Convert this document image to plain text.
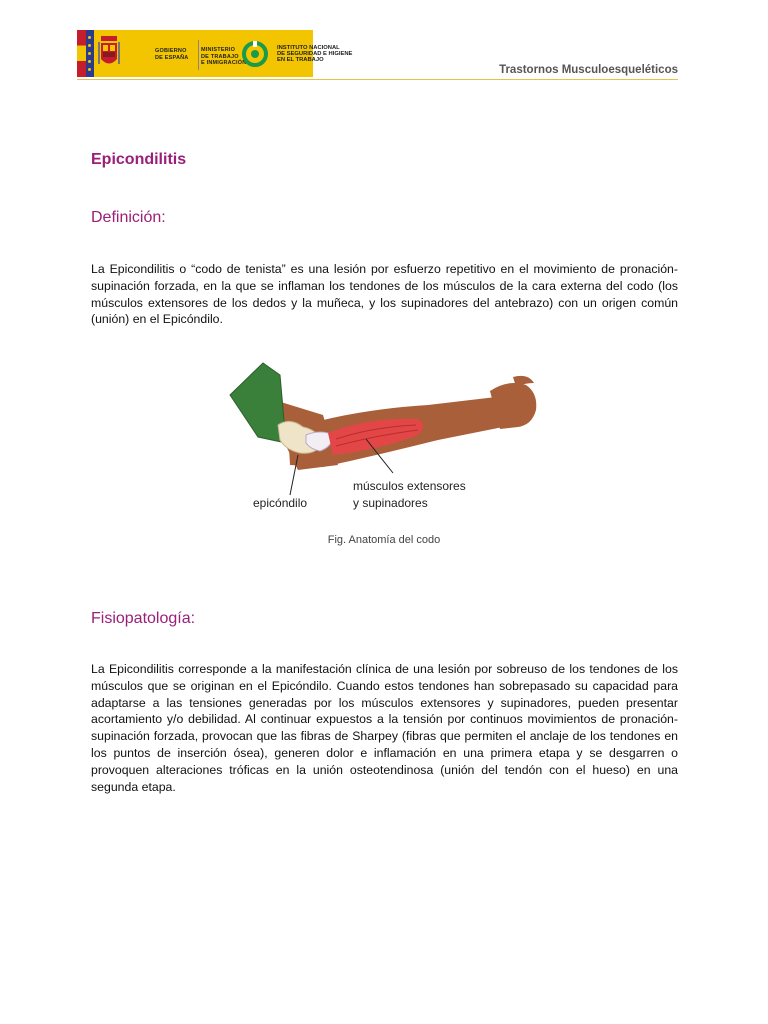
GOBIERNO
DE ESPAÑA
MINISTERIO
DE TRABAJO
E INMIGRACIÓN
INSTITUTO NACIONAL
DE SEGURIDAD E HIGIENE
EN EL TRABAJO
Trastornos Musculoesqueléticos
Epicondilitis
Definición:
La Epicondilitis o “codo de tenista” es una lesión por esfuerzo repetitivo en el movimiento de pronación-supinación forzada, en la que se inflaman los tendones de los músculos de la cara externa del codo (los músculos extensores de los dedos y la muñeca, y los supinadores del antebrazo) con un origen común (unión) en el Epicóndilo.
epicóndilo
músculos extensores
y supinadores
Fig. Anatomía del codo
Fisiopatología:
La Epicondilitis corresponde a la manifestación clínica de una lesión por sobreuso de los tendones de los músculos que se originan en el Epicóndilo. Cuando estos tendones han sobrepasado su capacidad para adaptarse a las tensiones generadas por los músculos extensores y supinadores, pueden presentar acortamiento y/o debilidad. Al continuar expuestos a la tensión por continuos movimientos de pronación-supinación forzada, provocan que las fibras de Sharpey (fibras que permiten el anclaje de los tendones en los puntos de inserción ósea), generen dolor e inflamación en una primera etapa y se desgarren o provoquen alteraciones tróficas en la unión osteotendinosa (unión del tendón con el hueso) en una segunda etapa.
